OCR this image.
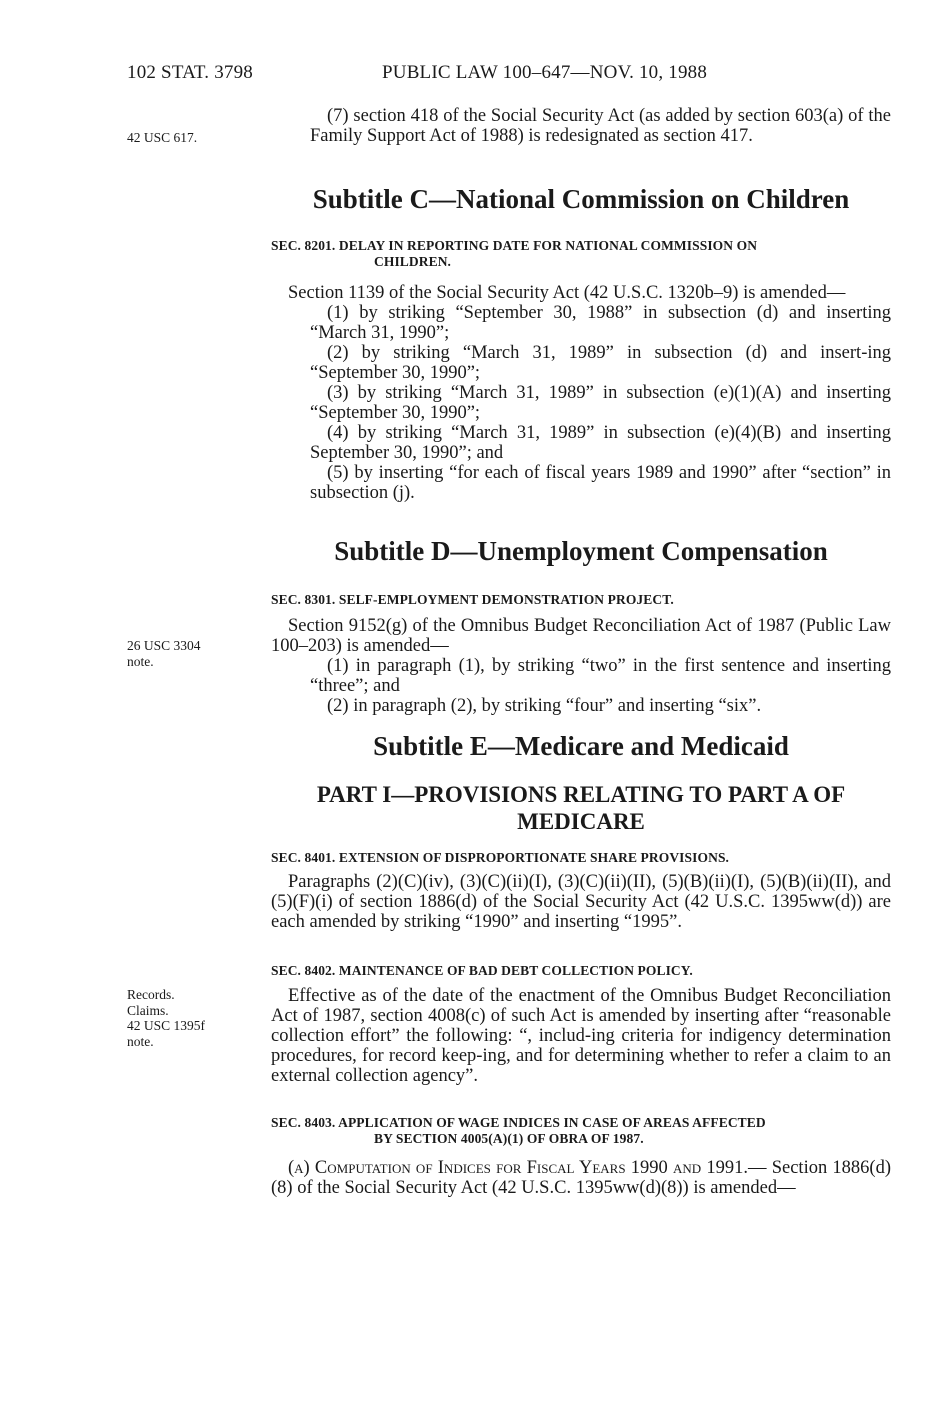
102 STAT. 3798	PUBLIC LAW 100–647—NOV. 10, 1988
42 USC 617.
26 USC 3304
note.
Records.
Claims.
42 USC 1395f
note.

(7) section 418 of the Social Security Act (as added by section 603(a) of the Family Support Act of 1988) is redesignated as section 417.

Subtitle C—National Commission on Children

SEC. 8201. DELAY IN REPORTING DATE FOR NATIONAL COMMISSION ON

CHILDREN.

Section 1139 of the Social Security Act (42 U.S.C. 1320b–9) is amended—

(1) by striking “September 30, 1988” in subsection (d) and inserting “March 31, 1990”;

(2) by striking “March 31, 1989” in subsection (d) and insert-ing “September 30, 1990”;

(3) by striking “March 31, 1989” in subsection (e)(1)(A) and inserting “September 30, 1990”;

(4) by striking “March 31, 1989” in subsection (e)(4)(B) and inserting September 30, 1990”; and

(5) by inserting “for each of fiscal years 1989 and 1990” after “section” in subsection (j).

Subtitle D—Unemployment Compensation

SEC. 8301. SELF-EMPLOYMENT DEMONSTRATION PROJECT.

Section 9152(g) of the Omnibus Budget Reconciliation Act of 1987 (Public Law 100–203) is amended—

(1) in paragraph (1), by striking “two” in the first sentence and inserting “three”; and

(2) in paragraph (2), by striking “four” and inserting “six”.

Subtitle E—Medicare and Medicaid

PART I—PROVISIONS RELATING TO PART A OF MEDICARE

SEC. 8401. EXTENSION OF DISPROPORTIONATE SHARE PROVISIONS.

Paragraphs (2)(C)(iv), (3)(C)(ii)(I), (3)(C)(ii)(II), (5)(B)(ii)(I), (5)(B)(ii)(II), and (5)(F)(i) of section 1886(d) of the Social Security Act (42 U.S.C. 1395ww(d)) are each amended by striking “1990” and inserting “1995”.

SEC. 8402. MAINTENANCE OF BAD DEBT COLLECTION POLICY.

Effective as of the date of the enactment of the Omnibus Budget Reconciliation Act of 1987, section 4008(c) of such Act is amended by inserting after “reasonable collection effort” the following: “, includ-ing criteria for indigency determination procedures, for record keep-ing, and for determining whether to refer a claim to an external collection agency”.

SEC. 8403. APPLICATION OF WAGE INDICES IN CASE OF AREAS AFFECTED

BY SECTION 4005(A)(1) OF OBRA OF 1987.

(a) Computation of Indices for Fiscal Years 1990 and 1991.— Section 1886(d)(8) of the Social Security Act (42 U.S.C. 1395ww(d)(8)) is amended—
